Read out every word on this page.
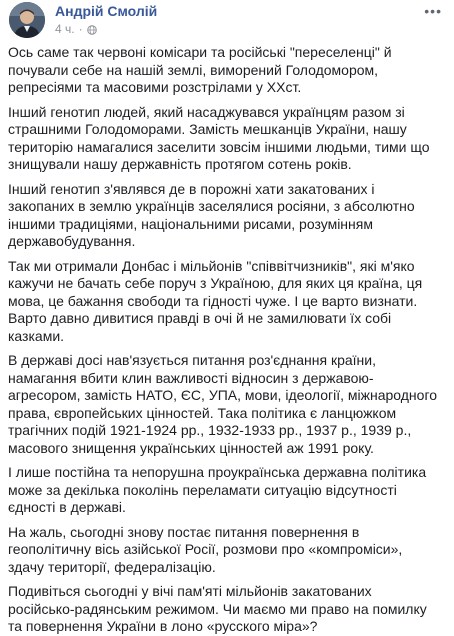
Андрій Смолій
4 ч. ·
•••

Ось саме так червоні комісари та російські "переселенці" й почували себе на нашій землі, виморений Голодомором, репресіями та масовими розстрілами у XXст.

Інший генотип людей, який насаджувався українцям разом зі страшними Голодоморами. Замість мешканців України, нашу територію намагалися заселити зовсім іншими людьми, тими що знищували нашу державність протягом сотень років.

Інший генотип з'являвся де в порожні хати закатованих і закопаних в землю українців заселялися росіяни, з абсолютно іншими традиціями, національними рисами, розумінням державобудування.

Так ми отримали Донбас і мільйонів "співвітчизників", які м'яко кажучи не бачать себе поруч з Україною, для яких ця країна, ця мова, це бажання свободи та гідності чуже. І це варто визнати. Варто давно дивитися правді в очі й не замилювати їх собі казками.

В державі досі нав'язується питання роз'єднання країни, намагання вбити клин важливості відносин з державою-агресором, замість НАТО, ЄС, УПА, мови, ідеології, міжнародного права, європейських цінностей. Така політика є ланцюжком трагічних подій 1921-1924 рр., 1932-1933 рр., 1937 р., 1939 р., масового знищення українських цінностей аж 1991 року.

І лише постійна та непорушна проукраїнська державна політика може за декілька поколінь переламати ситуацію відсутності єдності в державі.

На жаль, сьогодні знову постає питання повернення в геополітичну вісь азійської Росії, розмови про «компроміси», здачу території, федералізацію.

Подивіться сьогодні у вічі пам'яті мільйонів закатованих російсько-радянським режимом. Чи маємо ми право на помилку та повернення України в лоно «русского міра»?
